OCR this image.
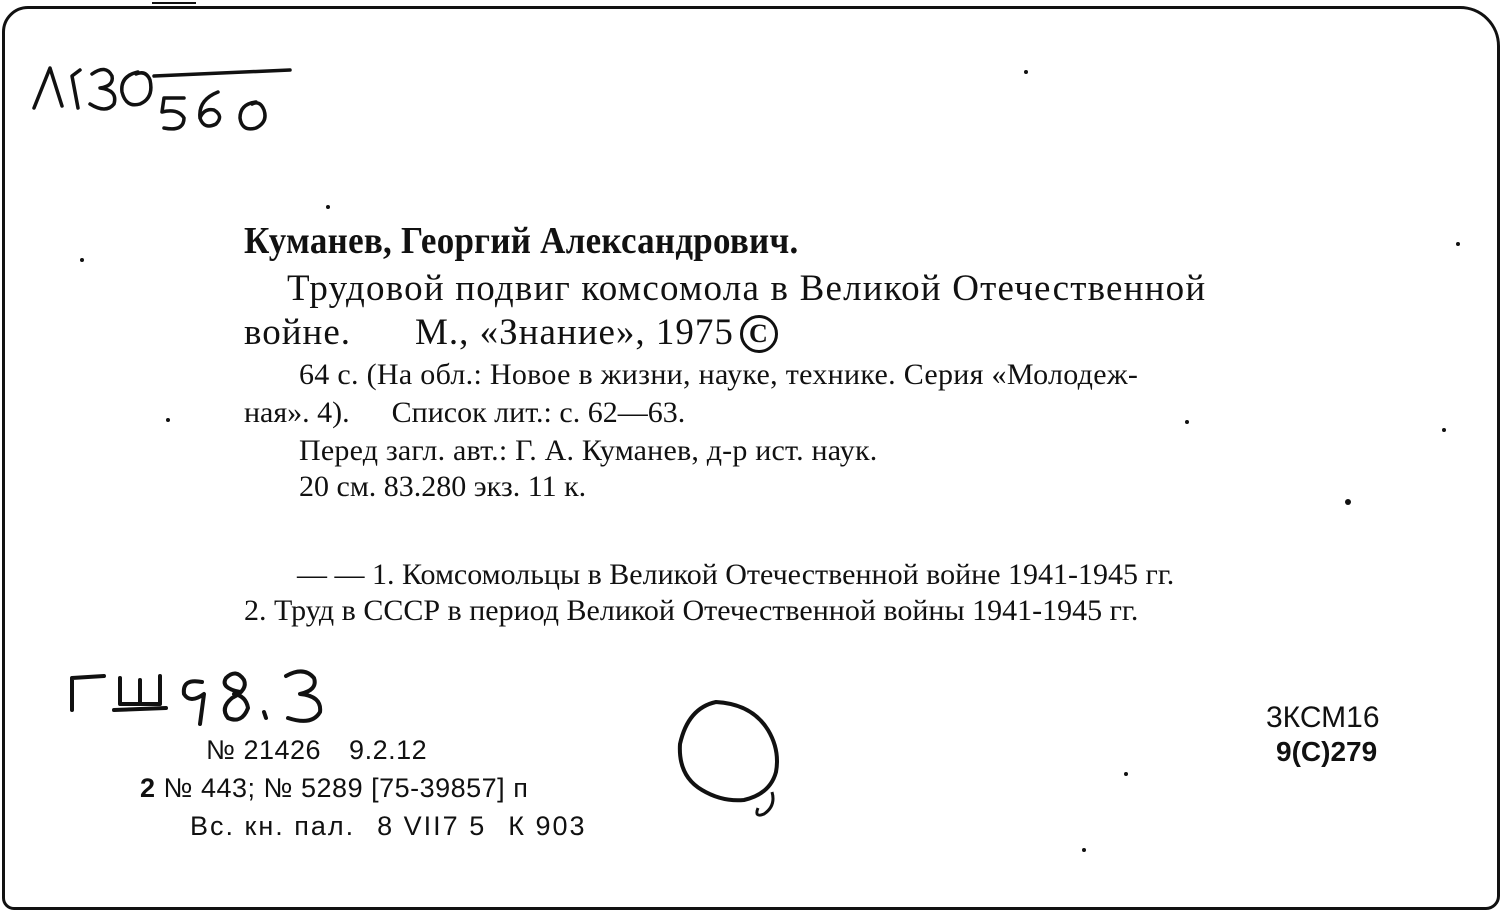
Куманев, Георгий Александрович.
Трудовой подвиг комсомола в Великой Отечественной
войне. М., «Знание», 1975 C
64 с. (На обл.: Новое в жизни, науке, технике. Серия «Молодеж-
ная». 4). Список лит.: с. 62—63.
Перед загл. авт.: Г. А. Куманев, д-р ист. наук.
20 см. 83.280 экз. 11 к.
— — 1. Комсомольцы в Великой Отечественной войне 1941-1945 гг.
2. Труд в СССР в период Великой Отечественной войны 1941-1945 гг.
3КСМ16
9(С)279
№ 21426 9.2.12
2 № 443; № 5289 [75-39857] п
Вс. кн. пал. 8 VII7 5 К 903
